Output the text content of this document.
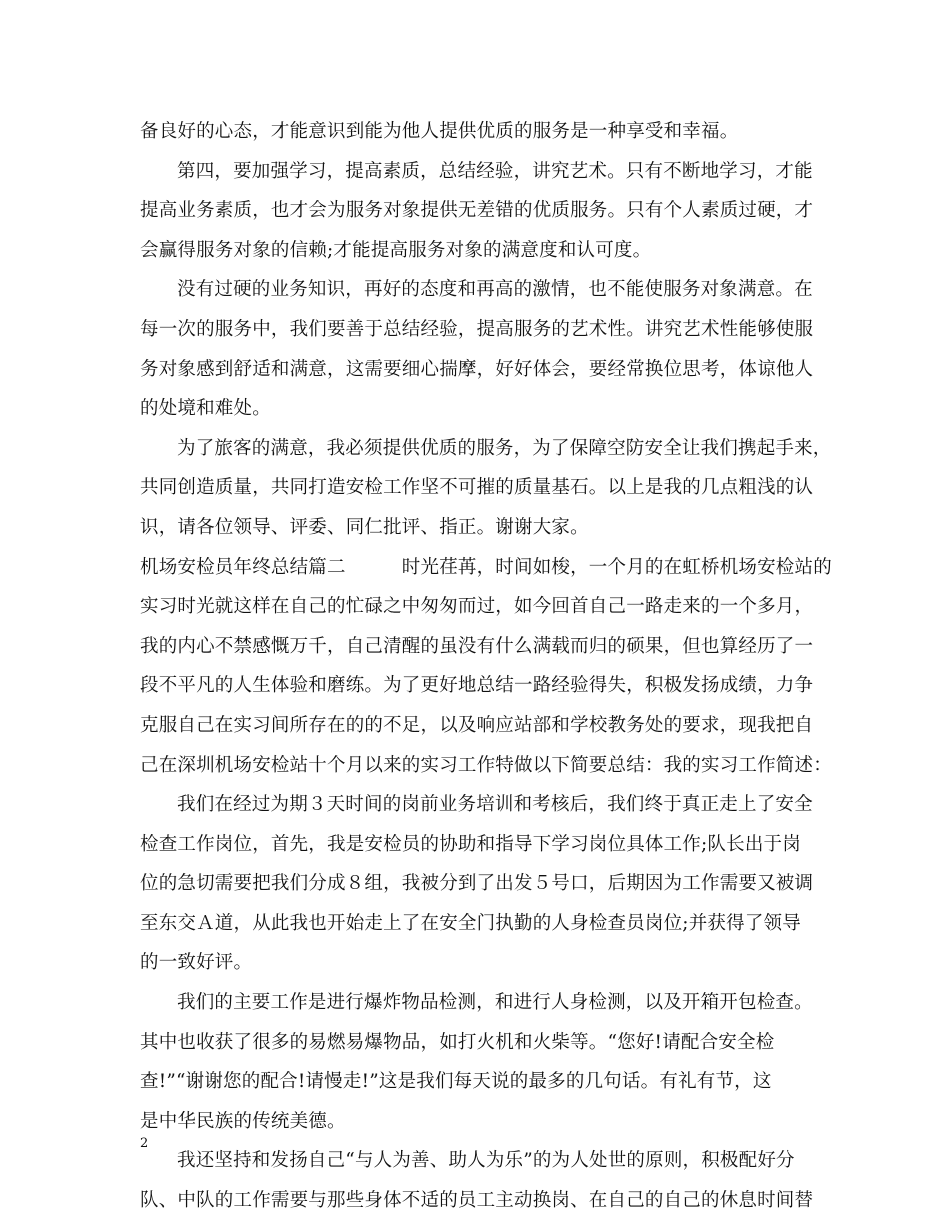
备良好的心态，才能意识到能为他人提供优质的服务是一种享受和幸福。
第四，要加强学习，提高素质，总结经验，讲究艺术。只有不断地学习，才能
提高业务素质，也才会为服务对象提供无差错的优质服务。只有个人素质过硬，才
会赢得服务对象的信赖;才能提高服务对象的满意度和认可度。
没有过硬的业务知识，再好的态度和再高的激情，也不能使服务对象满意。在
每一次的服务中，我们要善于总结经验，提高服务的艺术性。讲究艺术性能够使服
务对象感到舒适和满意，这需要细心揣摩，好好体会，要经常换位思考，体谅他人
的处境和难处。
为了旅客的满意，我必须提供优质的服务，为了保障空防安全让我们携起手来，
共同创造质量，共同打造安检工作坚不可摧的质量基石。以上是我的几点粗浅的认
识，请各位领导、评委、同仁批评、指正。谢谢大家。
机场安检员年终总结篇二　　　时光荏苒，时间如梭，一个月的在虹桥机场安检站的
实习时光就这样在自己的忙碌之中匆匆而过，如今回首自己一路走来的一个多月，
我的内心不禁感慨万千，自己清醒的虽没有什么满载而归的硕果，但也算经历了一
段不平凡的人生体验和磨练。为了更好地总结一路经验得失，积极发扬成绩，力争
克服自己在实习间所存在的的不足，以及响应站部和学校教务处的要求，现我把自
己在深圳机场安检站十个月以来的实习工作特做以下简要总结：我的实习工作简述：
我们在经过为期３天时间的岗前业务培训和考核后，我们终于真正走上了安全
检查工作岗位，首先，我是安检员的协助和指导下学习岗位具体工作;队长出于岗
位的急切需要把我们分成８组，我被分到了出发５号口，后期因为工作需要又被调
至东交Ａ道，从此我也开始走上了在安全门执勤的人身检查员岗位;并获得了领导
的一致好评。
我们的主要工作是进行爆炸物品检测，和进行人身检测，以及开箱开包检查。
其中也收获了很多的易燃易爆物品，如打火机和火柴等。“您好!请配合安全检
查!”“谢谢您的配合!请慢走!”这是我们每天说的最多的几句话。有礼有节，这
是中华民族的传统美德。
我还坚持和发扬自己“与人为善、助人为乐”的为人处世的原则，积极配好分
队、中队的工作需要与那些身体不适的员工主动换岗、在自己的自己的休息时间替
2
